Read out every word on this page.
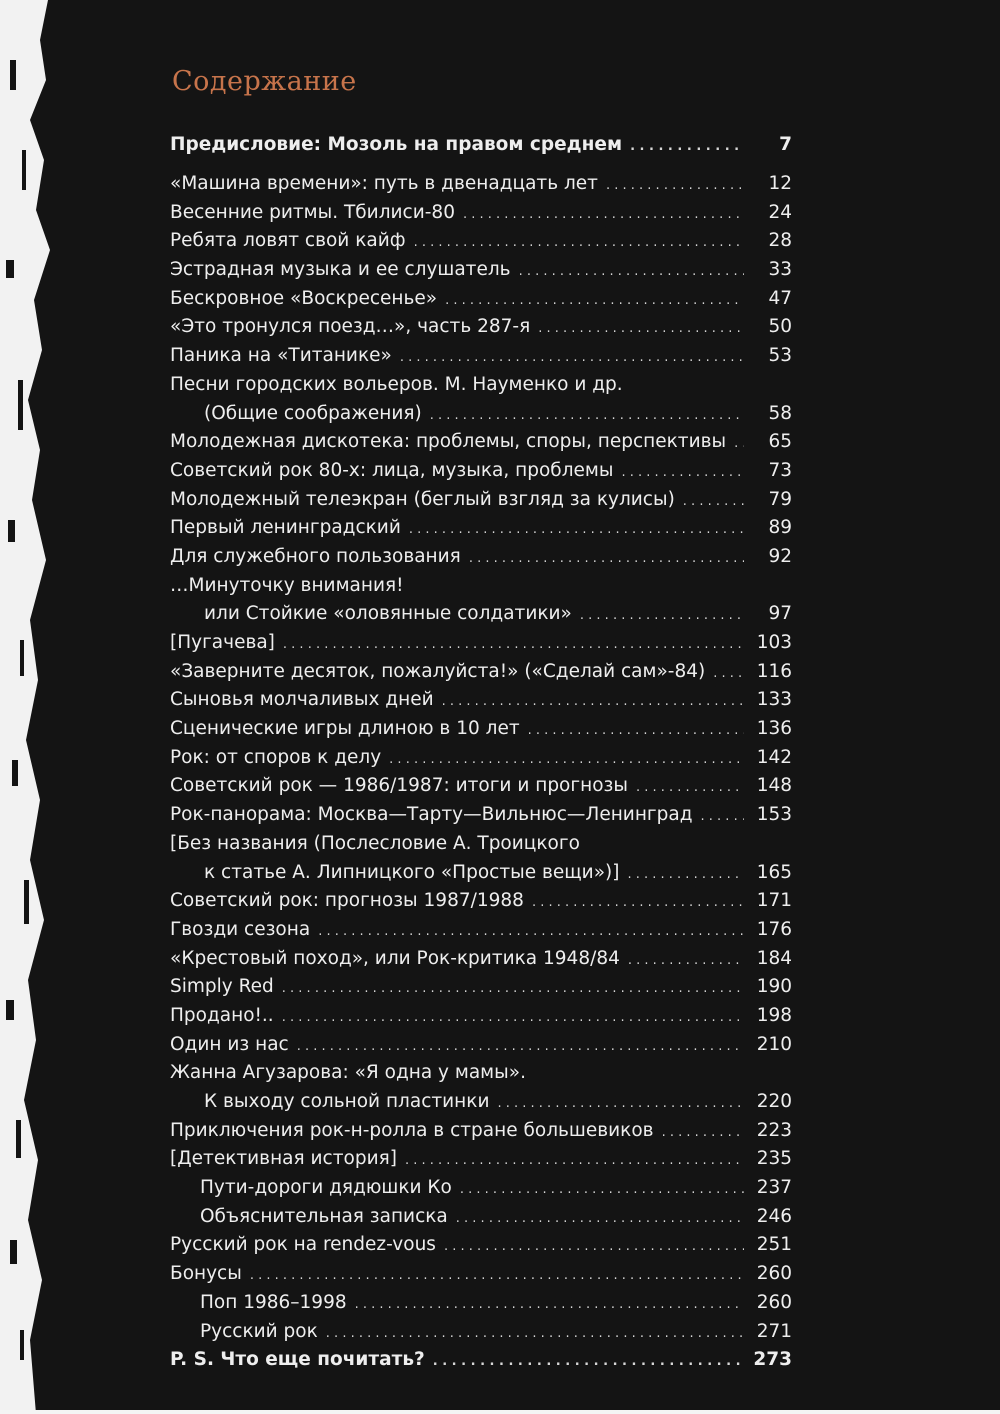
Содержание
Предисловие: Мозоль на правом среднем . . .	7
«Машина времени»: путь в двенадцать лет . . .	12
Весенние ритмы. Тбилиси-80 . . .	24
Ребята ловят свой кайф . . .	28
Эстрадная музыка и ее слушатель . . .	33
Бескровное «Воскресенье» . . .	47
«Это тронулся поезд…», часть 287-я . . .	50
Паника на «Титанике» . . .	53
Песни городских вольеров. М. Науменко и др.
(Общие соображения) . . .	58
Молодежная дискотека: проблемы, споры, перспективы . . .	65
Советский рок 80-х: лица, музыка, проблемы . . .	73
Молодежный телеэкран (беглый взгляд за кулисы) . . .	79
Первый ленинградский . . .	89
Для служебного пользования . . .	92
…Минуточку внимания!
или Стойкие «оловянные солдатики» . . .	97
[Пугачева] . . .	103
«Заверните десяток, пожалуйста!» («Сделай сам»-84) . . .	116
Сыновья молчаливых дней . . .	133
Сценические игры длиною в 10 лет . . .	136
Рок: от споров к делу . . .	142
Советский рок — 1986/1987: итоги и прогнозы . . .	148
Рок-панорама: Москва—Тарту—Вильнюс—Ленинград . . .	153
[Без названия (Послесловие А. Троицкого
к статье А. Липницкого «Простые вещи»)] . . .	165
Советский рок: прогнозы 1987/1988 . . .	171
Гвозди сезона . . .	176
«Крестовый поход», или Рок-критика 1948/84 . . .	184
Simply Red . . .	190
Продано!.. . . .	198
Один из нас . . .	210
Жанна Агузарова: «Я одна у мамы».
К выходу сольной пластинки . . .	220
Приключения рок-н-ролла в стране большевиков . . .	223
[Детективная история] . . .	235
Пути-дороги дядюшки Ко . . .	237
Объяснительная записка . . .	246
Русский рок на rendez-vous . . .	251
Бонусы . . .	260
Поп 1986–1998 . . .	260
Русский рок . . .	271
P. S. Что еще почитать? . . .	273
